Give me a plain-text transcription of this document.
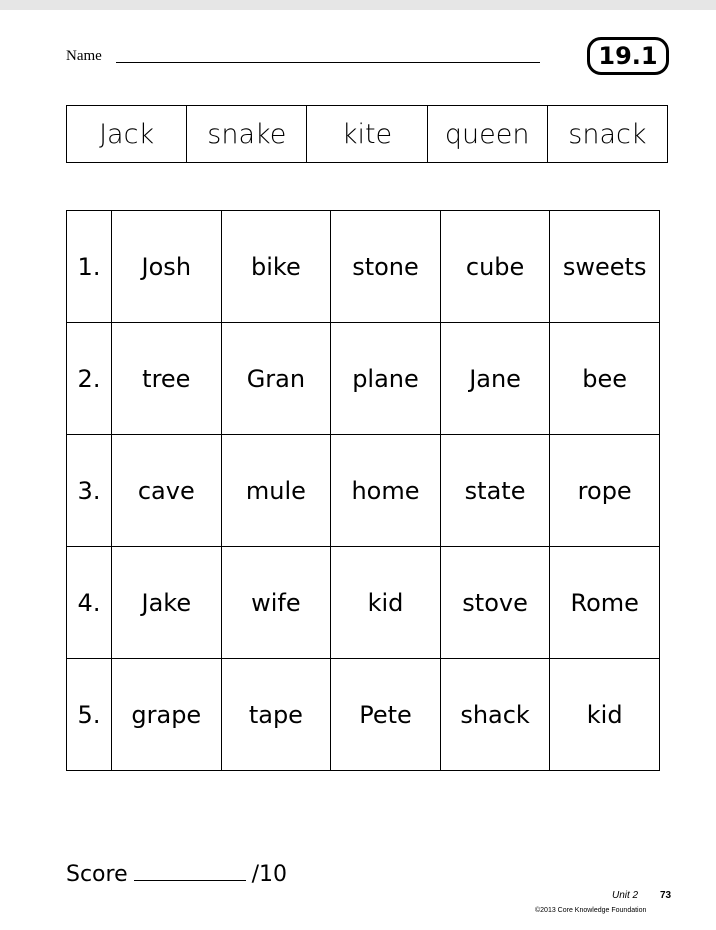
Name	19.1
Jack	snake	kite	queen	snack
1.	Josh	bike	stone	cube	sweets
2.	tree	Gran	plane	Jane	bee
3.	cave	mule	home	state	rope
4.	Jake	wife	kid	stove	Rome
5.	grape	tape	Pete	shack	kid
Score	/10
Unit 2 73
©2013 Core Knowledge Foundation
